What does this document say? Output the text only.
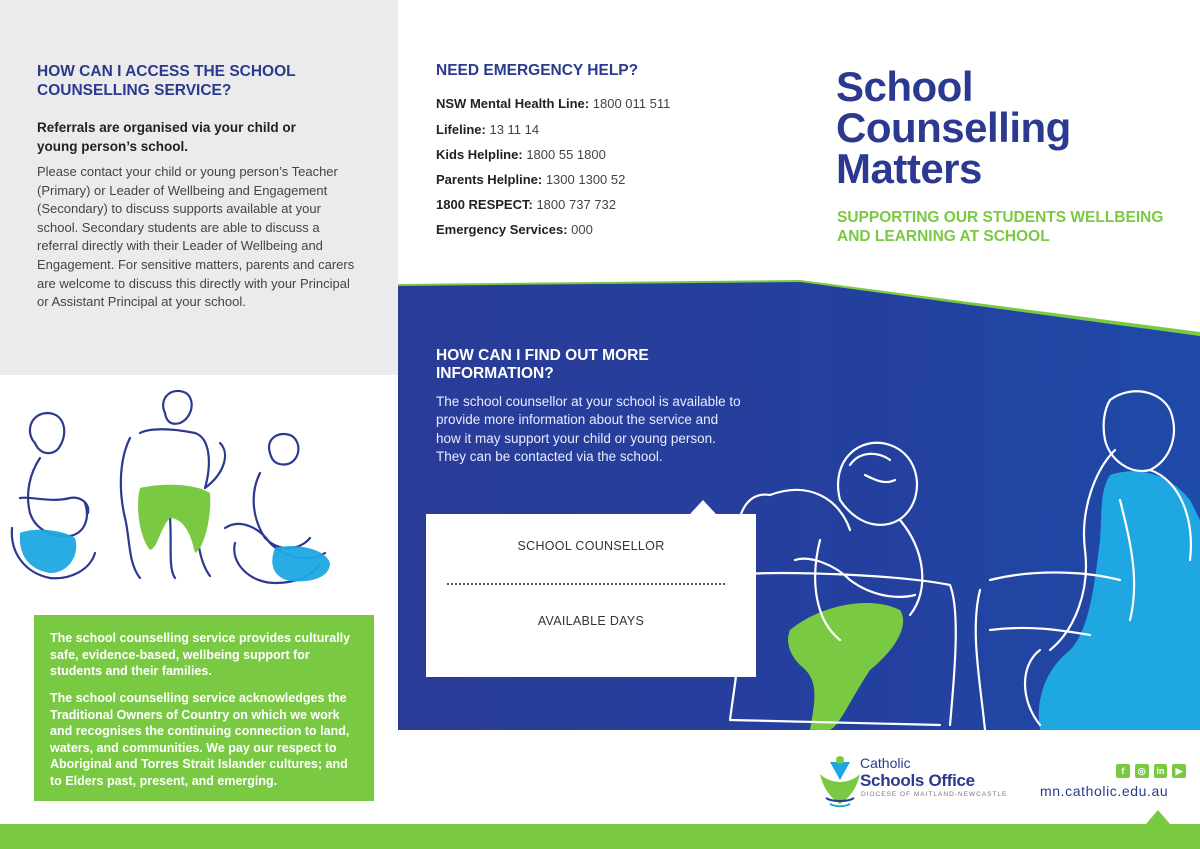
HOW CAN I ACCESS THE SCHOOL COUNSELLING SERVICE?
Referrals are organised via your child or young person’s school.
Please contact your child or young person’s Teacher (Primary) or Leader of Wellbeing and Engagement (Secondary) to discuss supports available at your school. Secondary students are able to discuss a referral directly with their Leader of Wellbeing and Engagement. For sensitive matters, parents and carers are welcome to discuss this directly with your Principal or Assistant Principal at your school.
The school counselling service provides culturally safe, evidence-based, wellbeing support for students and their families.
The school counselling service acknowledges the Traditional Owners of Country on which we work and recognises the continuing connection to land, waters, and communities. We pay our respect to Aboriginal and Torres Strait Islander cultures; and to Elders past, present, and emerging.
NEED EMERGENCY HELP?
NSW Mental Health Line: 1800 011 511
Lifeline: 13 11 14
Kids Helpline: 1800 55 1800
Parents Helpline: 1300 1300 52
1800 RESPECT: 1800 737 732
Emergency Services: 000
School
Counselling
Matters
SUPPORTING OUR STUDENTS WELLBEING AND LEARNING AT SCHOOL
HOW CAN I FIND OUT MORE INFORMATION?
The school counsellor at your school is available to provide more information about the service and how it may support your child or young person. They can be contacted via the school.
SCHOOL COUNSELLOR
AVAILABLE DAYS
Catholic
Schools Office
DIOCESE OF MAITLAND-NEWCASTLE
f	◎	in	▶
mn.catholic.edu.au
